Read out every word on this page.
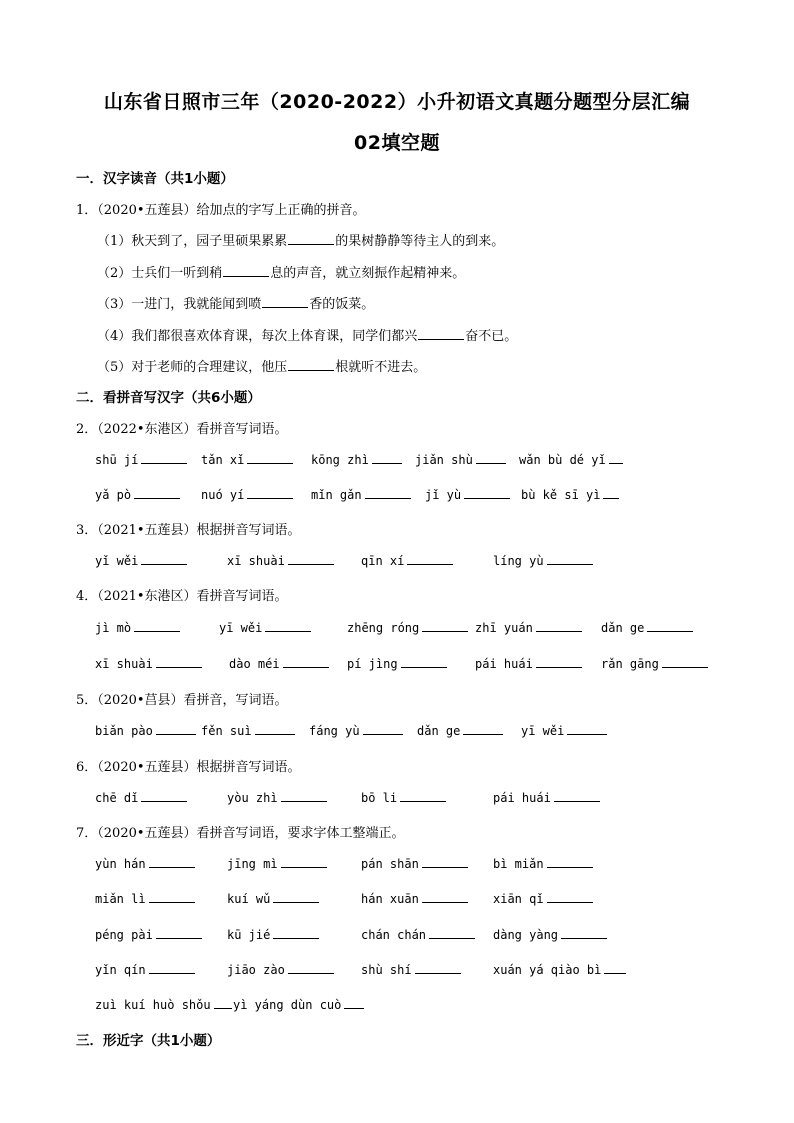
山东省日照市三年（2020-2022）小升初语文真题分题型分层汇编
02填空题
一．汉字读音（共1小题）
1．（2020•五莲县）给加点的字写上正确的拼音。
（1）秋天到了，园子里硕果累累	的果树静静等待主人的到来。
（2）士兵们一听到稍	息的声音，就立刻振作起精神来。
（3）一进门，我就能闻到喷	香的饭菜。
（4）我们都很喜欢体育课，每次上体育课，同学们都兴	奋不已。
（5）对于老师的合理建议，他压	根就听不进去。
二．看拼音写汉字（共6小题）
2．（2022•东港区）看拼音写词语。
shū jí	tǎn xǐ	kōng zhì	jiǎn shù	wǎn bù dé yǐ
yǎ pò	nuó yí	mǐn gǎn	jǐ yù	bù kě sī yì
3．（2021•五莲县）根据拼音写词语。
yǐ wěi	xī shuài	qīn xí	líng yù
4．（2021•东港区）看拼音写词语。
jì mò	yī wěi	zhēng róng	zhī yuán	dǎn ge
xī shuài	dào méi	pí jìng	pái huái	rǎn gāng
5．（2020•莒县）看拼音，写词语。
biǎn pào	fěn suì	fáng yù	dǎn ge	yī wěi
6．（2020•五莲县）根据拼音写词语。
chē dǐ	yòu zhì	bō li	pái huái
7．（2020•五莲县）看拼音写词语，要求字体工整端正。
yùn hán	jīng mì	pán shān	bì miǎn
miǎn lì	kuí wǔ	hán xuān	xiān qǐ
péng pài	kū jié	chán chán	dàng yàng
yǐn qín	jiāo zào	shù shí	xuán yá qiào bì
zuì kuí huò shǒu	yì yáng dùn cuò
三．形近字（共1小题）
